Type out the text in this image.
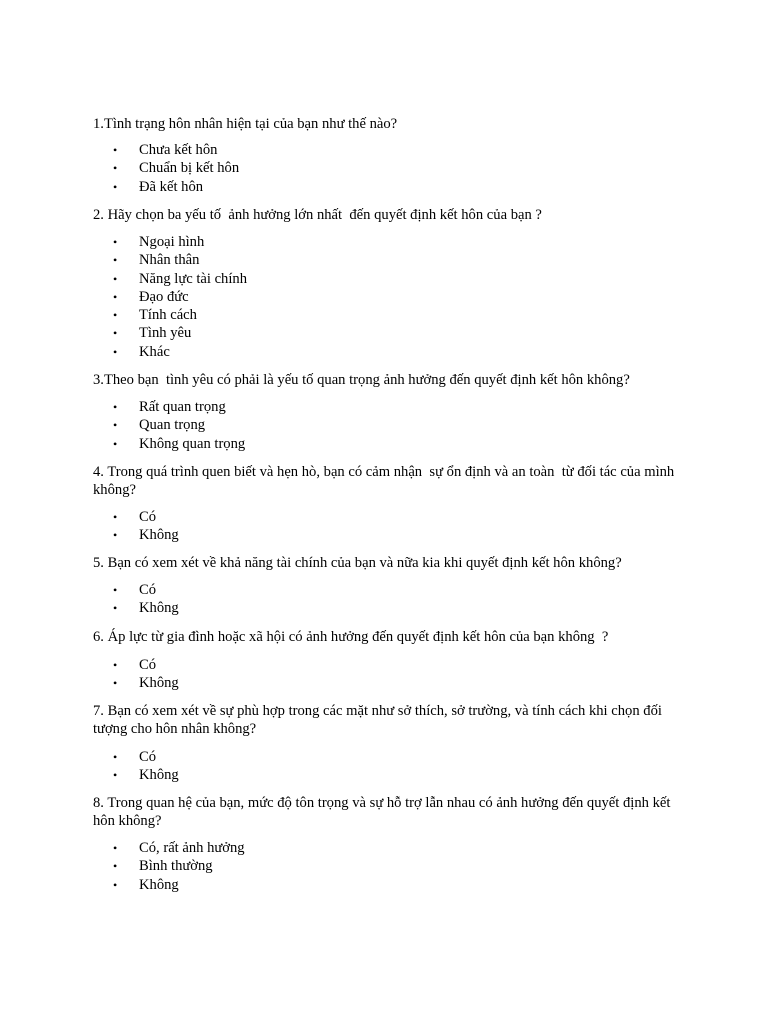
1.Tình trạng hôn nhân hiện tại của bạn như thế nào?

• Chưa kết hôn
• Chuẩn bị kết hôn
• Đã kết hôn

2. Hãy chọn ba yếu tố  ảnh hưởng lớn nhất  đến quyết định kết hôn của bạn ?

• Ngoại hình
• Nhân thân
• Năng lực tài chính
• Đạo đức
• Tính cách
• Tình yêu
• Khác

3.Theo bạn  tình yêu có phải là yếu tố quan trọng ảnh hưởng đến quyết định kết hôn không?

• Rất quan trọng
• Quan trọng
• Không quan trọng

4. Trong quá trình quen biết và hẹn hò, bạn có cảm nhận  sự ổn định và an toàn  từ đối tác của mình không?

• Có
• Không

5. Bạn có xem xét về khả năng tài chính của bạn và nữa kia khi quyết định kết hôn không?

• Có
• Không

6. Áp lực từ gia đình hoặc xã hội có ảnh hưởng đến quyết định kết hôn của bạn không  ?

• Có
• Không

7. Bạn có xem xét về sự phù hợp trong các mặt như sở thích, sở trường, và tính cách khi chọn đối tượng cho hôn nhân không?

• Có
• Không

8. Trong quan hệ của bạn, mức độ tôn trọng và sự hỗ trợ lẫn nhau có ảnh hưởng đến quyết định kết hôn không?

• Có, rất ảnh hưởng
• Bình thường
• Không
